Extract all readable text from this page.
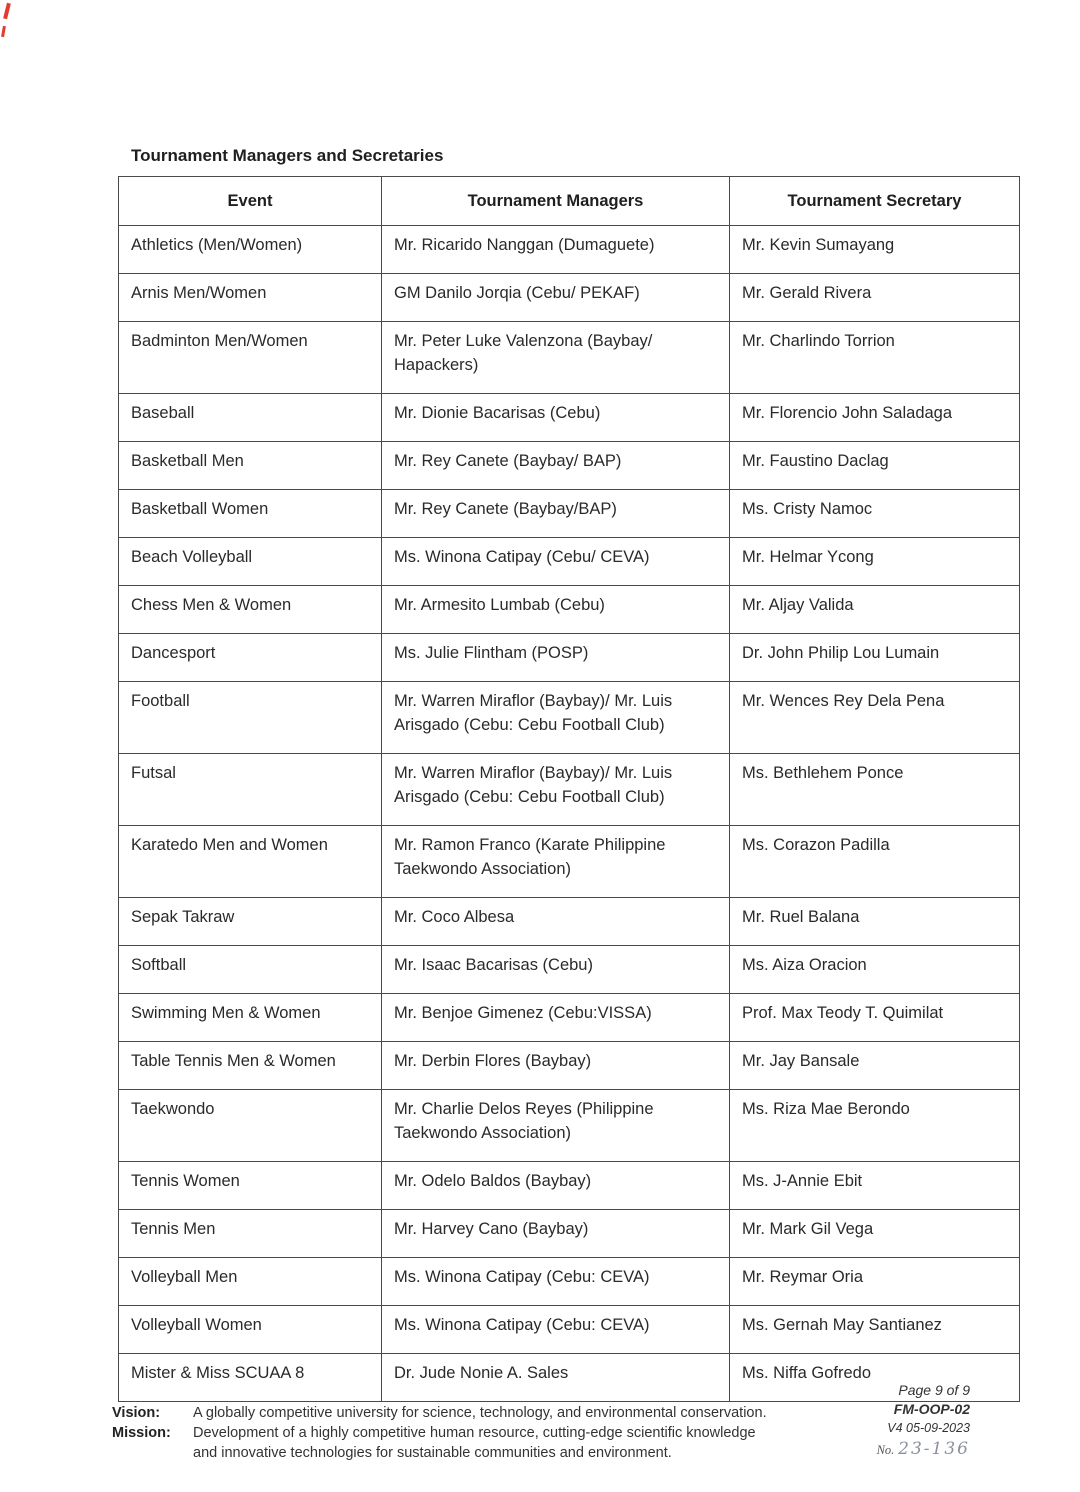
Tournament Managers and Secretaries
Event	Tournament Managers	Tournament Secretary
Athletics (Men/Women)	Mr. Ricarido Nanggan (Dumaguete)	Mr. Kevin Sumayang
Arnis Men/Women	GM Danilo Jorqia (Cebu/ PEKAF)	Mr. Gerald Rivera
Badminton Men/Women	Mr. Peter Luke Valenzona (Baybay/ Hapackers)	Mr. Charlindo Torrion
Baseball	Mr. Dionie Bacarisas (Cebu)	Mr. Florencio John Saladaga
Basketball Men	Mr. Rey Canete (Baybay/ BAP)	Mr. Faustino Daclag
Basketball Women	Mr. Rey Canete (Baybay/BAP)	Ms. Cristy Namoc
Beach Volleyball	Ms. Winona Catipay (Cebu/ CEVA)	Mr. Helmar Ycong
Chess Men & Women	Mr. Armesito Lumbab (Cebu)	Mr. Aljay Valida
Dancesport	Ms. Julie Flintham (POSP)	Dr. John Philip Lou Lumain
Football	Mr. Warren Miraflor (Baybay)/ Mr. Luis Arisgado (Cebu: Cebu Football Club)	Mr. Wences Rey Dela Pena
Futsal	Mr. Warren Miraflor (Baybay)/ Mr. Luis Arisgado (Cebu: Cebu Football Club)	Ms. Bethlehem Ponce
Karatedo Men and Women	Mr. Ramon Franco (Karate Philippine Taekwondo Association)	Ms. Corazon Padilla
Sepak Takraw	Mr. Coco Albesa	Mr. Ruel Balana
Softball	Mr. Isaac Bacarisas (Cebu)	Ms. Aiza Oracion
Swimming Men & Women	Mr. Benjoe Gimenez (Cebu:VISSA)	Prof. Max Teody T. Quimilat
Table Tennis Men & Women	Mr. Derbin Flores (Baybay)	Mr. Jay Bansale
Taekwondo	Mr. Charlie Delos Reyes (Philippine Taekwondo Association)	Ms. Riza Mae Berondo
Tennis Women	Mr. Odelo Baldos (Baybay)	Ms. J-Annie Ebit
Tennis Men	Mr. Harvey Cano (Baybay)	Mr. Mark Gil Vega
Volleyball Men	Ms. Winona Catipay (Cebu: CEVA)	Mr. Reymar Oria
Volleyball Women	Ms. Winona Catipay (Cebu: CEVA)	Ms. Gernah May Santianez
Mister & Miss SCUAA 8	Dr. Jude Nonie A. Sales	Ms. Niffa Gofredo
Vision:	A globally competitive university for science, technology, and environmental conservation.
Mission:	Development of a highly competitive human resource, cutting-edge scientific knowledge and innovative technologies for sustainable communities and environment.
Page 9 of 9
FM-OOP-02
V4 05-09-2023
No. 23-136
